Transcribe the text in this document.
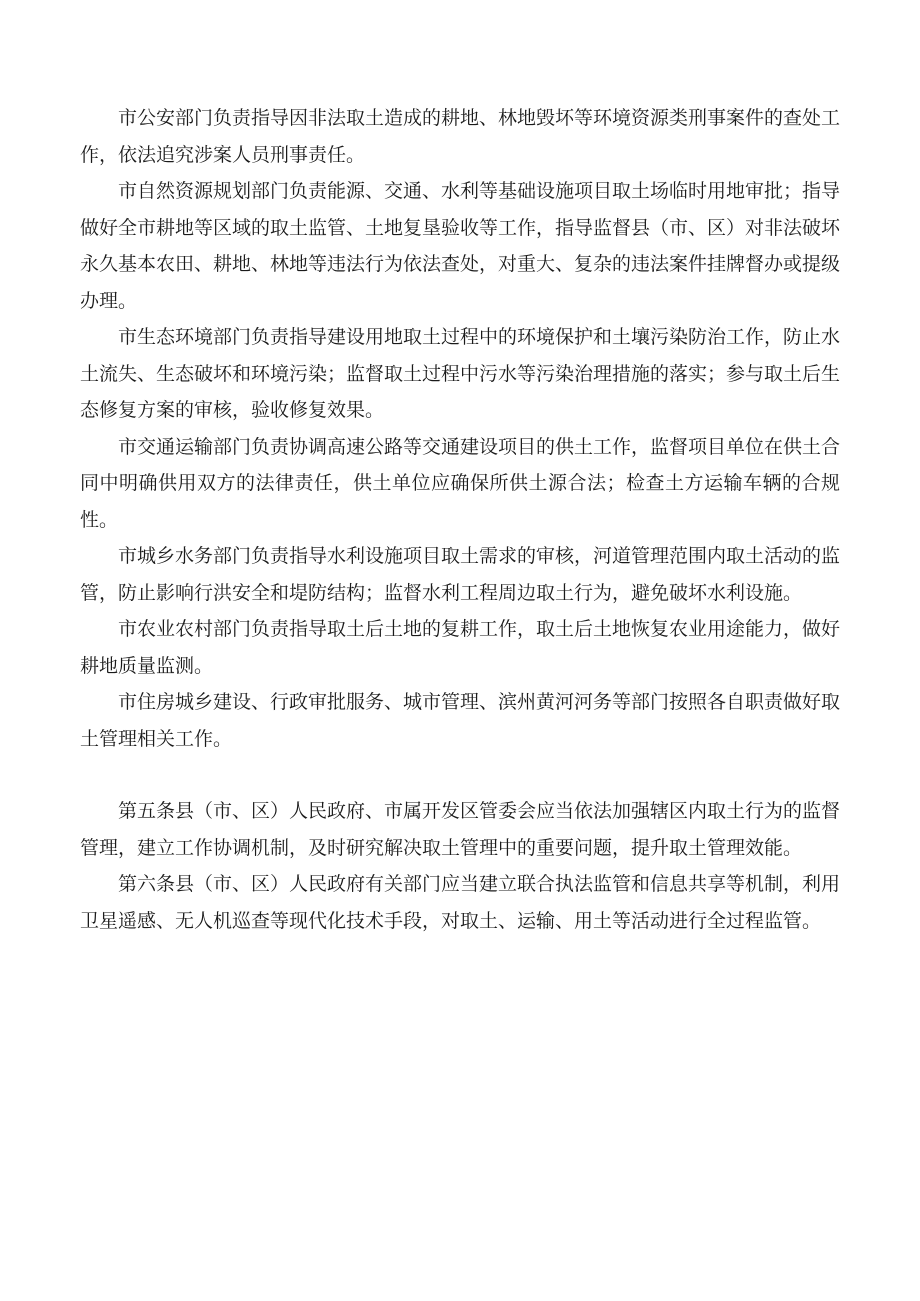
市公安部门负责指导因非法取土造成的耕地、林地毁坏等环境资源类刑事案件的查处工作，依法追究涉案人员刑事责任。

市自然资源规划部门负责能源、交通、水利等基础设施项目取土场临时用地审批；指导做好全市耕地等区域的取土监管、土地复垦验收等工作，指导监督县（市、区）对非法破坏永久基本农田、耕地、林地等违法行为依法查处，对重大、复杂的违法案件挂牌督办或提级办理。

市生态环境部门负责指导建设用地取土过程中的环境保护和土壤污染防治工作，防止水土流失、生态破坏和环境污染；监督取土过程中污水等污染治理措施的落实；参与取土后生态修复方案的审核，验收修复效果。

市交通运输部门负责协调高速公路等交通建设项目的供土工作，监督项目单位在供土合同中明确供用双方的法律责任，供土单位应确保所供土源合法；检查土方运输车辆的合规性。

市城乡水务部门负责指导水利设施项目取土需求的审核，河道管理范围内取土活动的监管，防止影响行洪安全和堤防结构；监督水利工程周边取土行为，避免破坏水利设施。

市农业农村部门负责指导取土后土地的复耕工作，取土后土地恢复农业用途能力，做好耕地质量监测。

市住房城乡建设、行政审批服务、城市管理、滨州黄河河务等部门按照各自职责做好取土管理相关工作。

第五条县（市、区）人民政府、市属开发区管委会应当依法加强辖区内取土行为的监督管理，建立工作协调机制，及时研究解决取土管理中的重要问题，提升取土管理效能。

第六条县（市、区）人民政府有关部门应当建立联合执法监管和信息共享等机制，利用卫星遥感、无人机巡查等现代化技术手段，对取土、运输、用土等活动进行全过程监管。
